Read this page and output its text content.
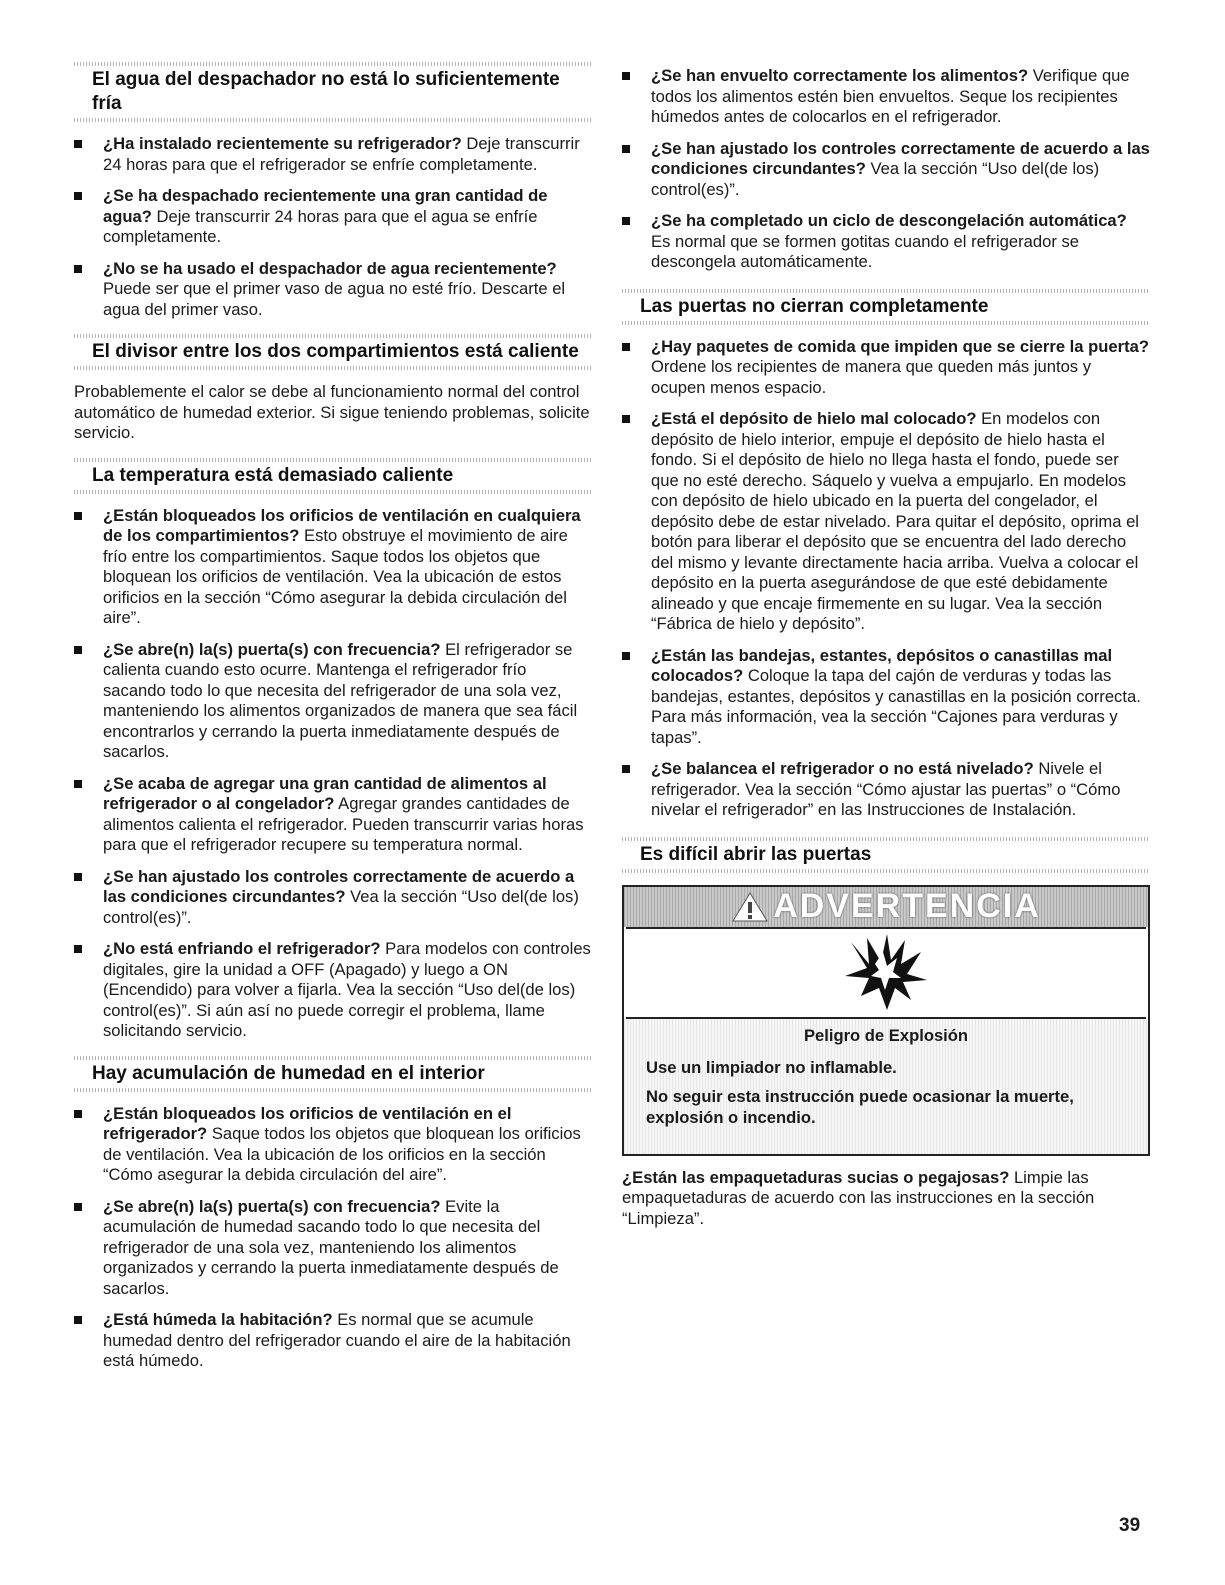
El agua del despachador no está lo suficientemente fría
¿Ha instalado recientemente su refrigerador? Deje transcurrir 24 horas para que el refrigerador se enfríe completamente.
¿Se ha despachado recientemente una gran cantidad de agua? Deje transcurrir 24 horas para que el agua se enfríe completamente.
¿No se ha usado el despachador de agua recientemente? Puede ser que el primer vaso de agua no esté frío. Descarte el agua del primer vaso.
El divisor entre los dos compartimientos está caliente
Probablemente el calor se debe al funcionamiento normal del control automático de humedad exterior. Si sigue teniendo problemas, solicite servicio.
La temperatura está demasiado caliente
¿Están bloqueados los orificios de ventilación en cualquiera de los compartimientos? Esto obstruye el movimiento de aire frío entre los compartimientos. Saque todos los objetos que bloquean los orificios de ventilación. Vea la ubicación de estos orificios en la sección “Cómo asegurar la debida circulación del aire”.
¿Se abre(n) la(s) puerta(s) con frecuencia? El refrigerador se calienta cuando esto ocurre. Mantenga el refrigerador frío sacando todo lo que necesita del refrigerador de una sola vez, manteniendo los alimentos organizados de manera que sea fácil encontrarlos y cerrando la puerta inmediatamente después de sacarlos.
¿Se acaba de agregar una gran cantidad de alimentos al refrigerador o al congelador? Agregar grandes cantidades de alimentos calienta el refrigerador. Pueden transcurrir varias horas para que el refrigerador recupere su temperatura normal.
¿Se han ajustado los controles correctamente de acuerdo a las condiciones circundantes? Vea la sección “Uso del(de los) control(es)”.
¿No está enfriando el refrigerador? Para modelos con controles digitales, gire la unidad a OFF (Apagado) y luego a ON (Encendido) para volver a fijarla. Vea la sección “Uso del(de los) control(es)”. Si aún así no puede corregir el problema, llame solicitando servicio.
Hay acumulación de humedad en el interior
¿Están bloqueados los orificios de ventilación en el refrigerador? Saque todos los objetos que bloquean los orificios de ventilación. Vea la ubicación de los orificios en la sección “Cómo asegurar la debida circulación del aire”.
¿Se abre(n) la(s) puerta(s) con frecuencia? Evite la acumulación de humedad sacando todo lo que necesita del refrigerador de una sola vez, manteniendo los alimentos organizados y cerrando la puerta inmediatamente después de sacarlos.
¿Está húmeda la habitación? Es normal que se acumule humedad dentro del refrigerador cuando el aire de la habitación está húmedo.
¿Se han envuelto correctamente los alimentos? Verifique que todos los alimentos estén bien envueltos. Seque los recipientes húmedos antes de colocarlos en el refrigerador.
¿Se han ajustado los controles correctamente de acuerdo a las condiciones circundantes? Vea la sección “Uso del(de los) control(es)”.
¿Se ha completado un ciclo de descongelación automática? Es normal que se formen gotitas cuando el refrigerador se descongela automáticamente.
Las puertas no cierran completamente
¿Hay paquetes de comida que impiden que se cierre la puerta? Ordene los recipientes de manera que queden más juntos y ocupen menos espacio.
¿Está el depósito de hielo mal colocado? En modelos con depósito de hielo interior, empuje el depósito de hielo hasta el fondo. Si el depósito de hielo no llega hasta el fondo, puede ser que no esté derecho. Sáquelo y vuelva a empujarlo. En modelos con depósito de hielo ubicado en la puerta del congelador, el depósito debe de estar nivelado. Para quitar el depósito, oprima el botón para liberar el depósito que se encuentra del lado derecho del mismo y levante directamente hacia arriba. Vuelva a colocar el depósito en la puerta asegurándose de que esté debidamente alineado y que encaje firmemente en su lugar. Vea la sección “Fábrica de hielo y depósito”.
¿Están las bandejas, estantes, depósitos o canastillas mal colocados? Coloque la tapa del cajón de verduras y todas las bandejas, estantes, depósitos y canastillas en la posición correcta. Para más información, vea la sección “Cajones para verduras y tapas”.
¿Se balancea el refrigerador o no está nivelado? Nivele el refrigerador. Vea la sección “Cómo ajustar las puertas” o “Cómo nivelar el refrigerador” en las Instrucciones de Instalación.
Es difícil abrir las puertas
ADVERTENCIA
Peligro de Explosión
Use un limpiador no inflamable.
No seguir esta instrucción puede ocasionar la muerte, explosión o incendio.
¿Están las empaquetaduras sucias o pegajosas? Limpie las empaquetaduras de acuerdo con las instrucciones en la sección “Limpieza”.
39
